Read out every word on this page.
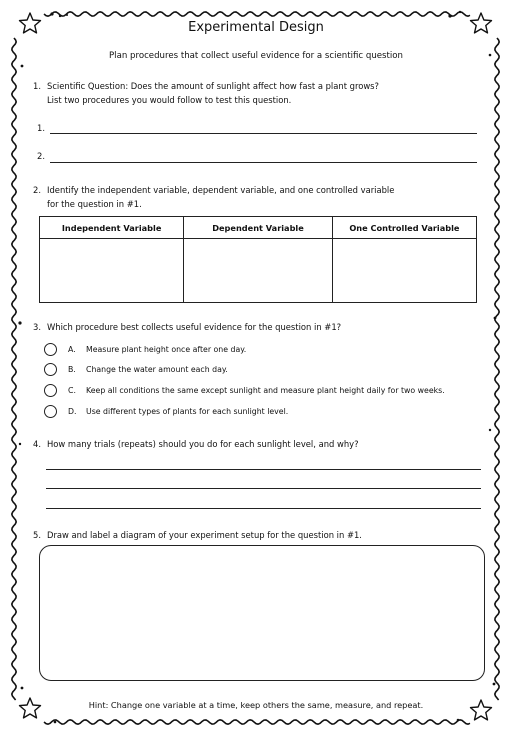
Experimental Design
Plan procedures that collect useful evidence for a scientific question
1. Scientific Question: Does the amount of sunlight affect how fast a plant grows?
List two procedures you would follow to test this question.
1.
2.
2. Identify the independent variable, dependent variable, and one controlled variable
for the question in #1.
Independent Variable	Dependent Variable	One Controlled Variable

3. Which procedure best collects useful evidence for the question in #1?
A.	Measure plant height once after one day.
B.	Change the water amount each day.
C.	Keep all conditions the same except sunlight and measure plant height daily for two weeks.
D.	Use different types of plants for each sunlight level.
4. How many trials (repeats) should you do for each sunlight level, and why?
5. Draw and label a diagram of your experiment setup for the question in #1.
Hint: Change one variable at a time, keep others the same, measure, and repeat.
